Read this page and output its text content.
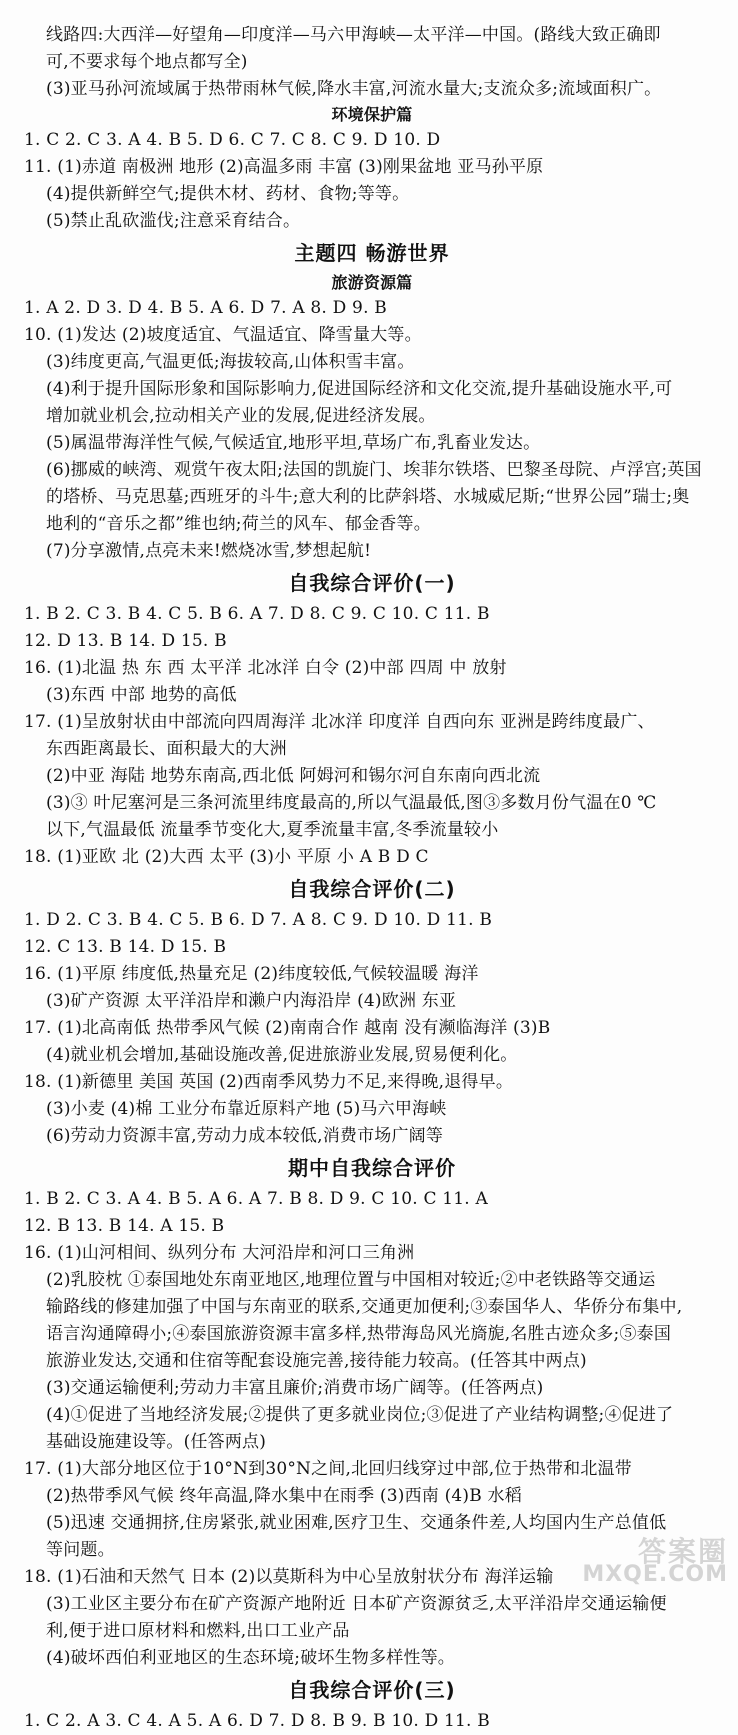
线路四:大西洋—好望角—印度洋—马六甲海峡—太平洋—中国。(路线大致正确即
可,不要求每个地点都写全)
(3)亚马孙河流域属于热带雨林气候,降水丰富,河流水量大;支流众多;流域面积广。
环境保护篇
1. C 2. C 3. A 4. B 5. D 6. C 7. C 8. C 9. D 10. D
11. (1)赤道 南极洲 地形 (2)高温多雨 丰富 (3)刚果盆地 亚马孙平原
(4)提供新鲜空气;提供木材、药材、食物;等等。
(5)禁止乱砍滥伐;注意采育结合。
主题四 畅游世界
旅游资源篇
1. A 2. D 3. D 4. B 5. A 6. D 7. A 8. D 9. B
10. (1)发达 (2)坡度适宜、气温适宜、降雪量大等。
(3)纬度更高,气温更低;海拔较高,山体积雪丰富。
(4)利于提升国际形象和国际影响力,促进国际经济和文化交流,提升基础设施水平,可
增加就业机会,拉动相关产业的发展,促进经济发展。
(5)属温带海洋性气候,气候适宜,地形平坦,草场广布,乳畜业发达。
(6)挪威的峡湾、观赏午夜太阳;法国的凯旋门、埃菲尔铁塔、巴黎圣母院、卢浮宫;英国
的塔桥、马克思墓;西班牙的斗牛;意大利的比萨斜塔、水城威尼斯;“世界公园”瑞士;奥
地利的“音乐之都”维也纳;荷兰的风车、郁金香等。
(7)分享激情,点亮未来!燃烧冰雪,梦想起航!
自我综合评价(一)
1. B 2. C 3. B 4. C 5. B 6. A 7. D 8. C 9. C 10. C 11. B
12. D 13. B 14. D 15. B
16. (1)北温 热 东 西 太平洋 北冰洋 白令 (2)中部 四周 中 放射
(3)东西 中部 地势的高低
17. (1)呈放射状由中部流向四周海洋 北冰洋 印度洋 自西向东 亚洲是跨纬度最广、
东西距离最长、面积最大的大洲
(2)中亚 海陆 地势东南高,西北低 阿姆河和锡尔河自东南向西北流
(3)③ 叶尼塞河是三条河流里纬度最高的,所以气温最低,图③多数月份气温在0 ℃
以下,气温最低 流量季节变化大,夏季流量丰富,冬季流量较小
18. (1)亚欧 北 (2)大西 太平 (3)小 平原 小 A B D C
自我综合评价(二)
1. D 2. C 3. B 4. C 5. B 6. D 7. A 8. C 9. D 10. D 11. B
12. C 13. B 14. D 15. B
16. (1)平原 纬度低,热量充足 (2)纬度较低,气候较温暖 海洋
(3)矿产资源 太平洋沿岸和濑户内海沿岸 (4)欧洲 东亚
17. (1)北高南低 热带季风气候 (2)南南合作 越南 没有濒临海洋 (3)B
(4)就业机会增加,基础设施改善,促进旅游业发展,贸易便利化。
18. (1)新德里 美国 英国 (2)西南季风势力不足,来得晚,退得早。
(3)小麦 (4)棉 工业分布靠近原料产地 (5)马六甲海峡
(6)劳动力资源丰富,劳动力成本较低,消费市场广阔等
期中自我综合评价
1. B 2. C 3. A 4. B 5. A 6. A 7. B 8. D 9. C 10. C 11. A
12. B 13. B 14. A 15. B
16. (1)山河相间、纵列分布 大河沿岸和河口三角洲
(2)乳胶枕 ①泰国地处东南亚地区,地理位置与中国相对较近;②中老铁路等交通运
输路线的修建加强了中国与东南亚的联系,交通更加便利;③泰国华人、华侨分布集中,
语言沟通障碍小;④泰国旅游资源丰富多样,热带海岛风光旖旎,名胜古迹众多;⑤泰国
旅游业发达,交通和住宿等配套设施完善,接待能力较高。(任答其中两点)
(3)交通运输便利;劳动力丰富且廉价;消费市场广阔等。(任答两点)
(4)①促进了当地经济发展;②提供了更多就业岗位;③促进了产业结构调整;④促进了
基础设施建设等。(任答两点)
17. (1)大部分地区位于10°N到30°N之间,北回归线穿过中部,位于热带和北温带
(2)热带季风气候 终年高温,降水集中在雨季 (3)西南 (4)B 水稻
(5)迅速 交通拥挤,住房紧张,就业困难,医疗卫生、交通条件差,人均国内生产总值低
等问题。
18. (1)石油和天然气 日本 (2)以莫斯科为中心呈放射状分布 海洋运输
(3)工业区主要分布在矿产资源产地附近 日本矿产资源贫乏,太平洋沿岸交通运输便
利,便于进口原材料和燃料,出口工业产品
(4)破坏西伯利亚地区的生态环境;破坏生物多样性等。
自我综合评价(三)
1. C 2. A 3. C 4. A 5. A 6. D 7. D 8. B 9. B 10. D 11. B
答案圈
MXQE.COM
